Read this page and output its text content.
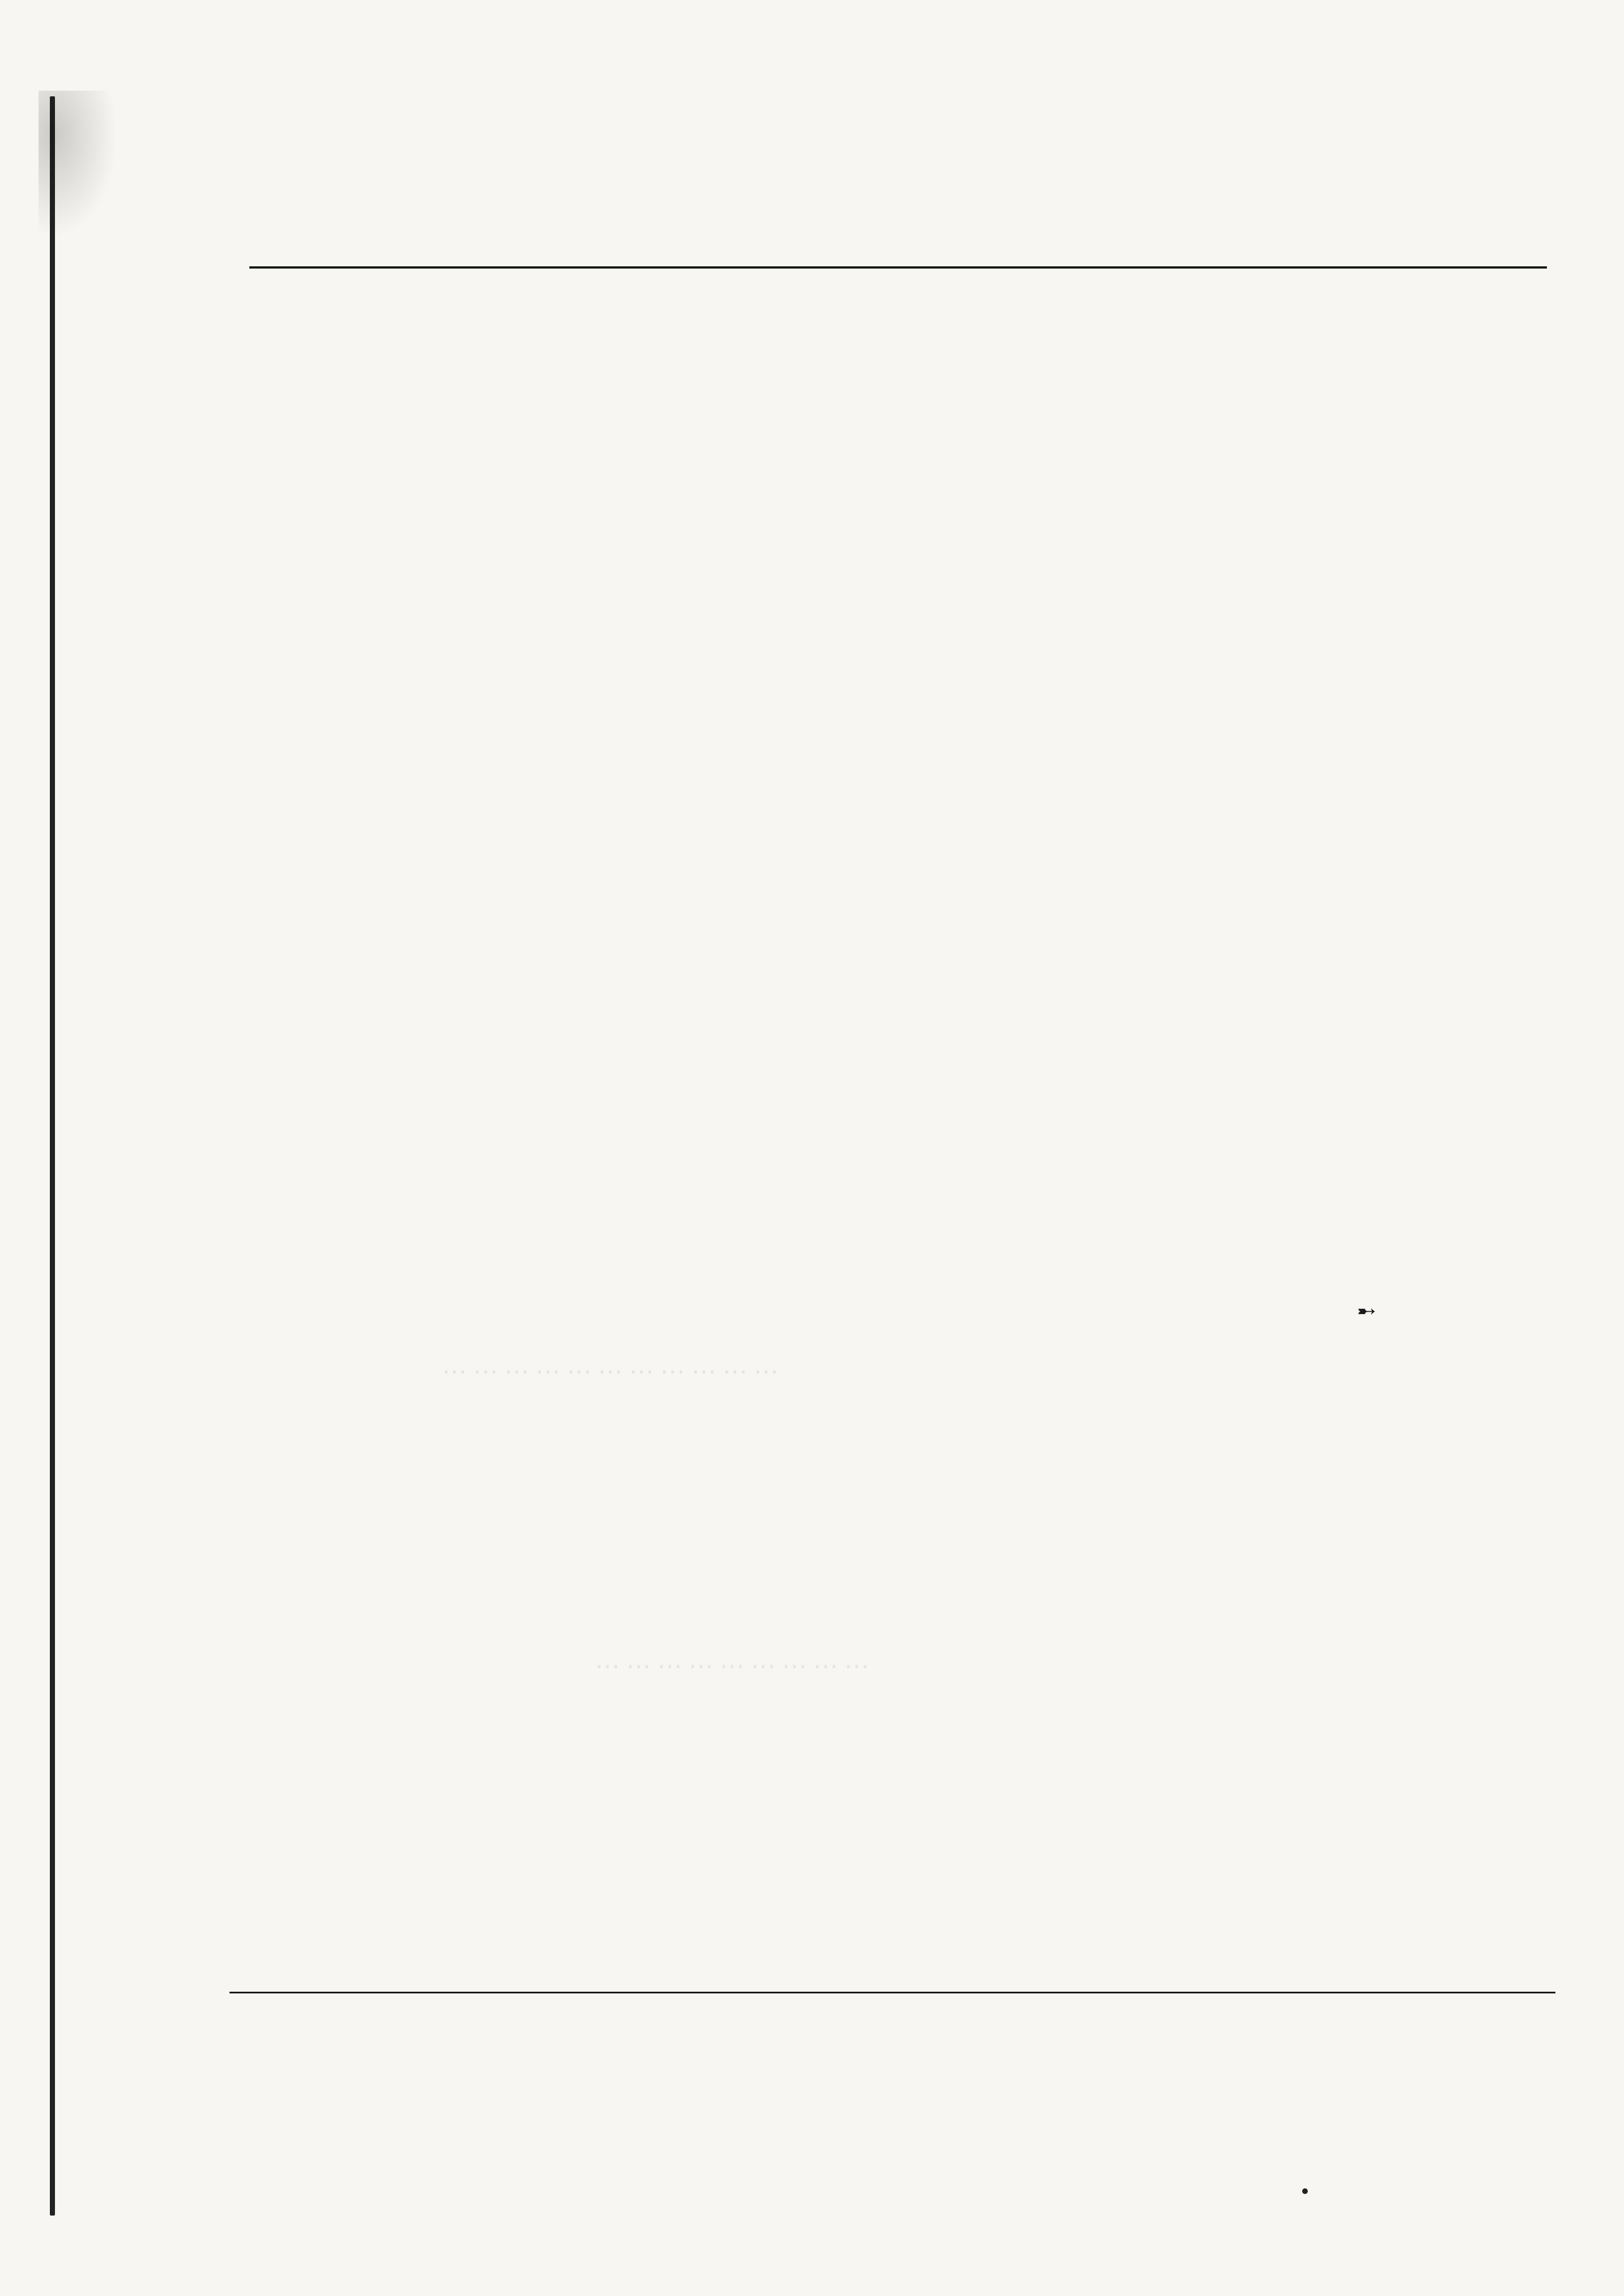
➸
⋯ ⋯ ⋯ ⋯ ⋯ ⋯ ⋯ ⋯ ⋯ ⋯ ⋯
⋯ ⋯ ⋯ ⋯ ⋯ ⋯ ⋯ ⋯ ⋯
